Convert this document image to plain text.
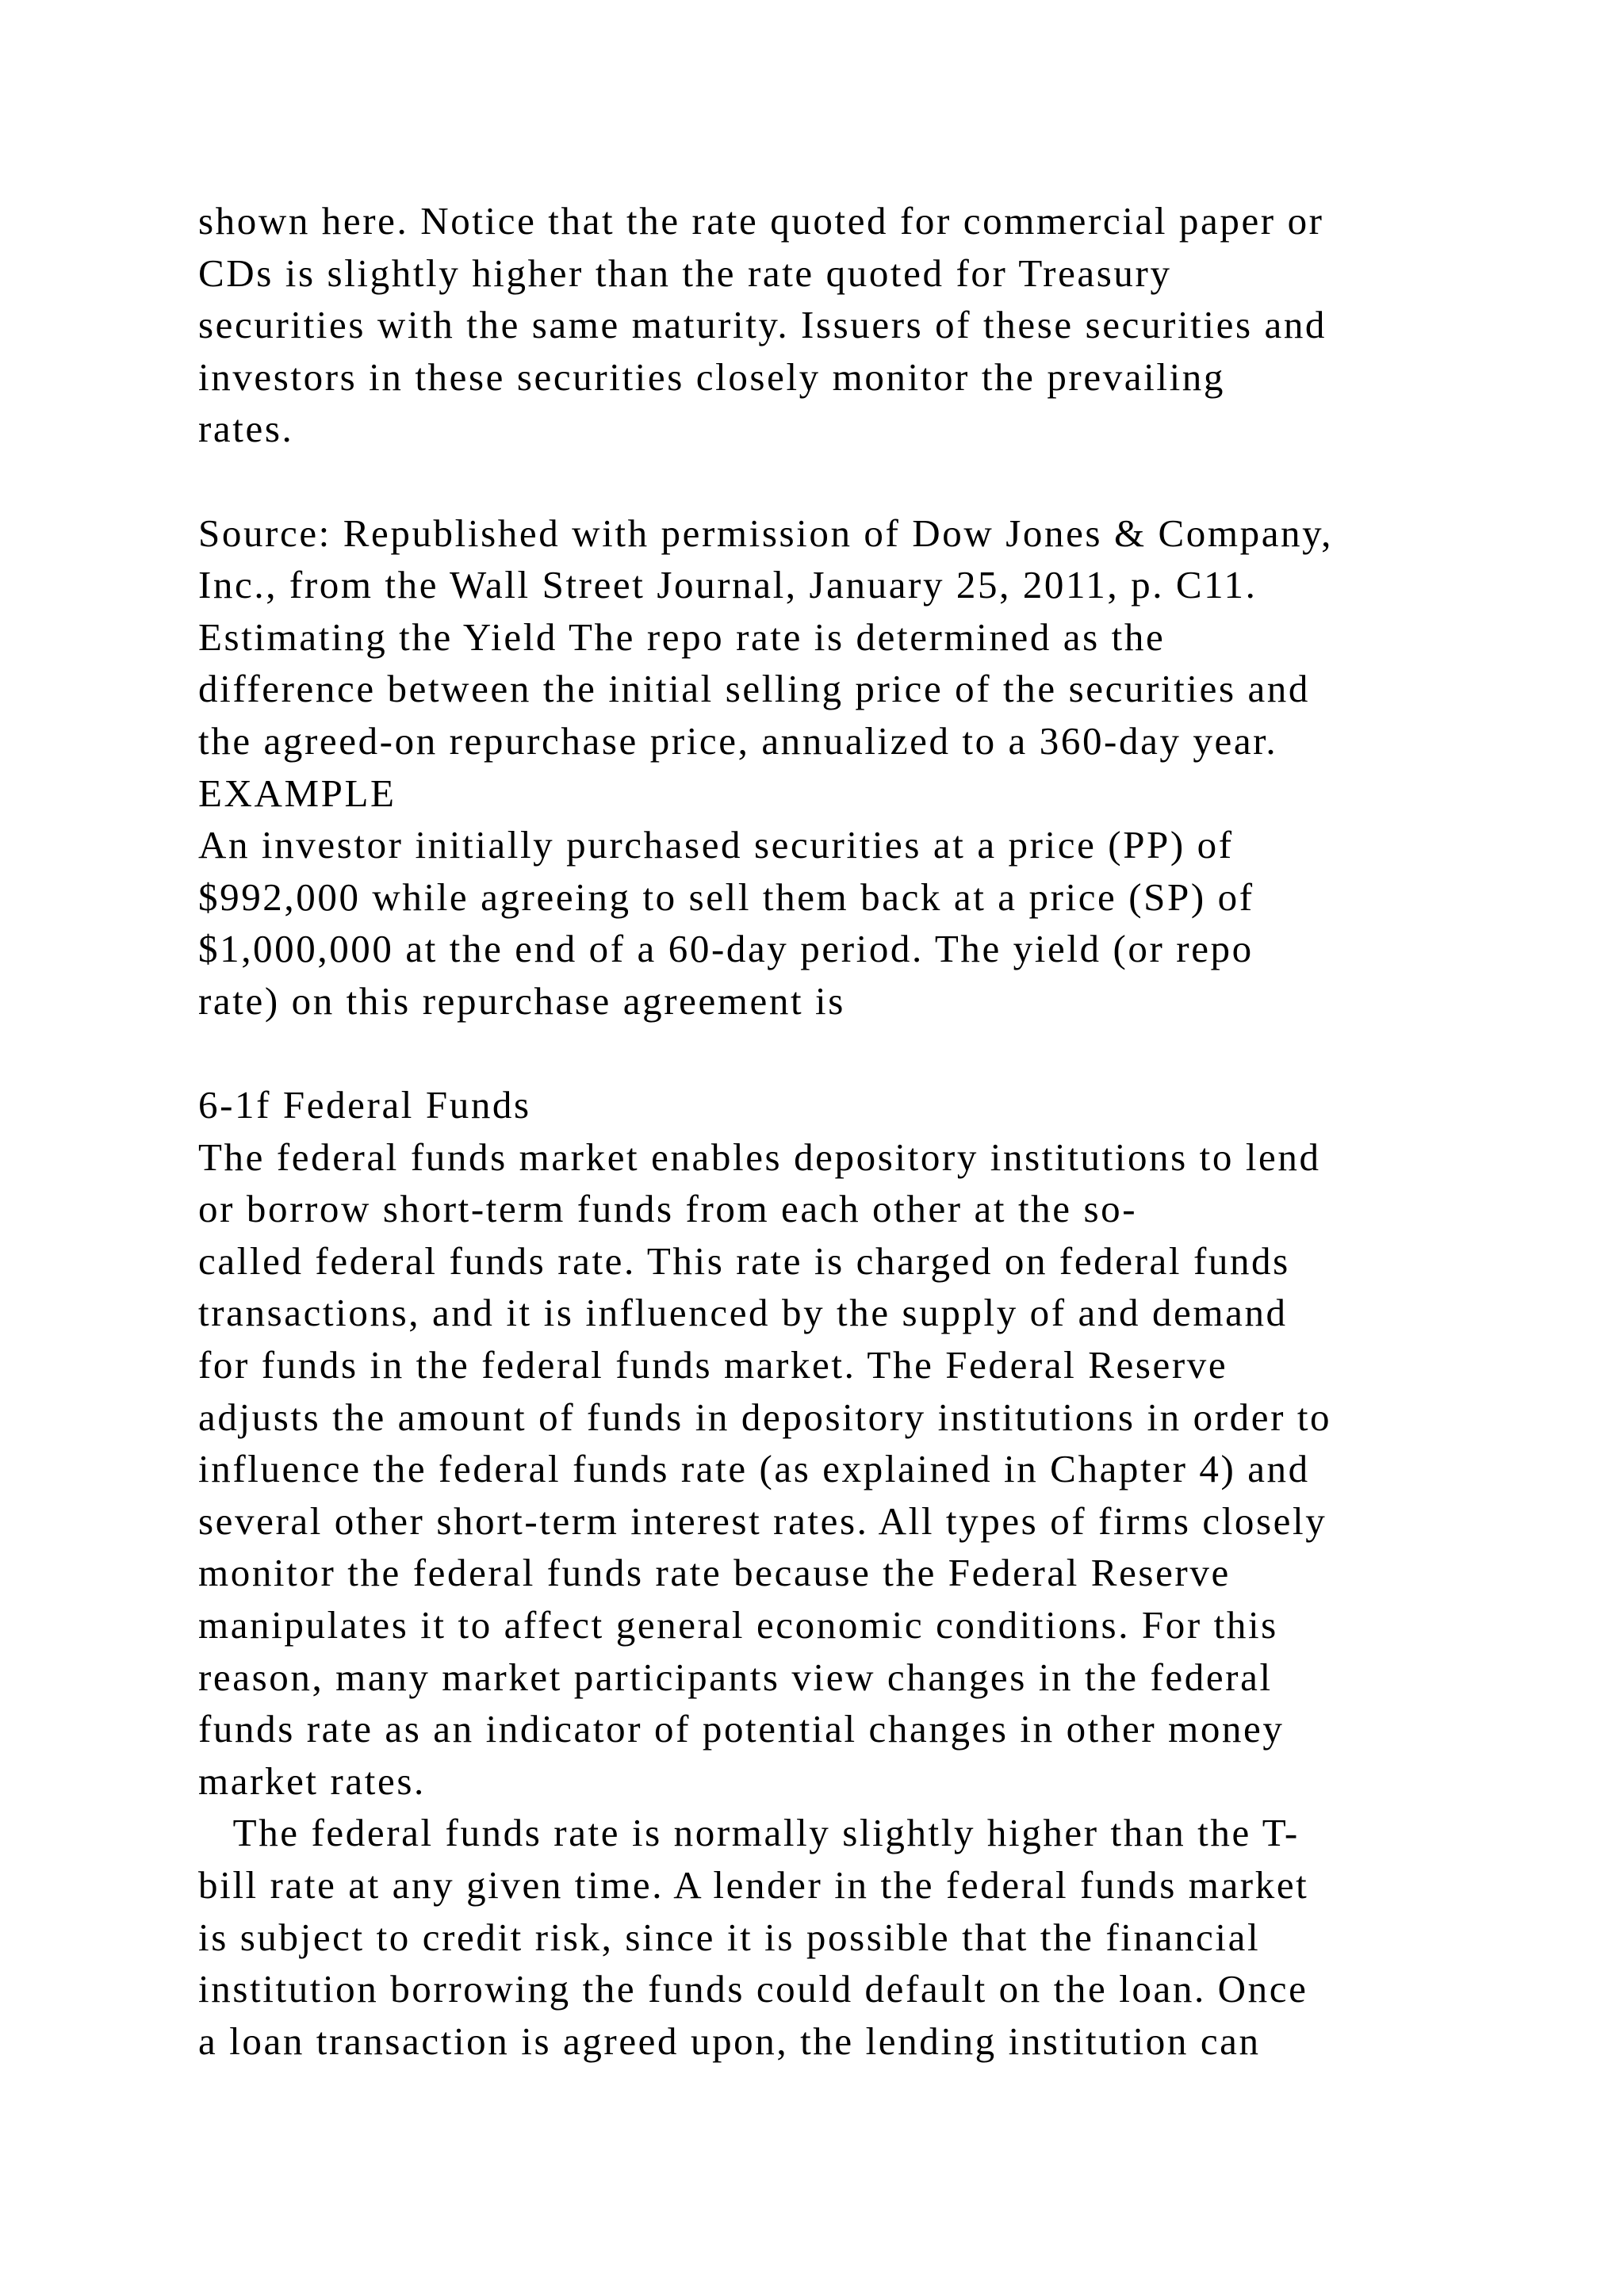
shown here. Notice that the rate quoted for commercial paper or
CDs is slightly higher than the rate quoted for Treasury
securities with the same maturity. Issuers of these securities and
investors in these securities closely monitor the prevailing
rates.
Source: Republished with permission of Dow Jones & Company,
Inc., from the Wall Street Journal, January 25, 2011, p. C11.
Estimating the Yield The repo rate is determined as the
difference between the initial selling price of the securities and
the agreed-on repurchase price, annualized to a 360-day year.
EXAMPLE
An investor initially purchased securities at a price (PP) of
$992,000 while agreeing to sell them back at a price (SP) of
$1,000,000 at the end of a 60-day period. The yield (or repo
rate) on this repurchase agreement is
6-1f Federal Funds
The federal funds market enables depository institutions to lend
or borrow short-term funds from each other at the so-
called federal funds rate. This rate is charged on federal funds
transactions, and it is influenced by the supply of and demand
for funds in the federal funds market. The Federal Reserve
adjusts the amount of funds in depository institutions in order to
influence the federal funds rate (as explained in Chapter 4) and
several other short-term interest rates. All types of firms closely
monitor the federal funds rate because the Federal Reserve
manipulates it to affect general economic conditions. For this
reason, many market participants view changes in the federal
funds rate as an indicator of potential changes in other money
market rates.
The federal funds rate is normally slightly higher than the T-
bill rate at any given time. A lender in the federal funds market
is subject to credit risk, since it is possible that the financial
institution borrowing the funds could default on the loan. Once
a loan transaction is agreed upon, the lending institution can
